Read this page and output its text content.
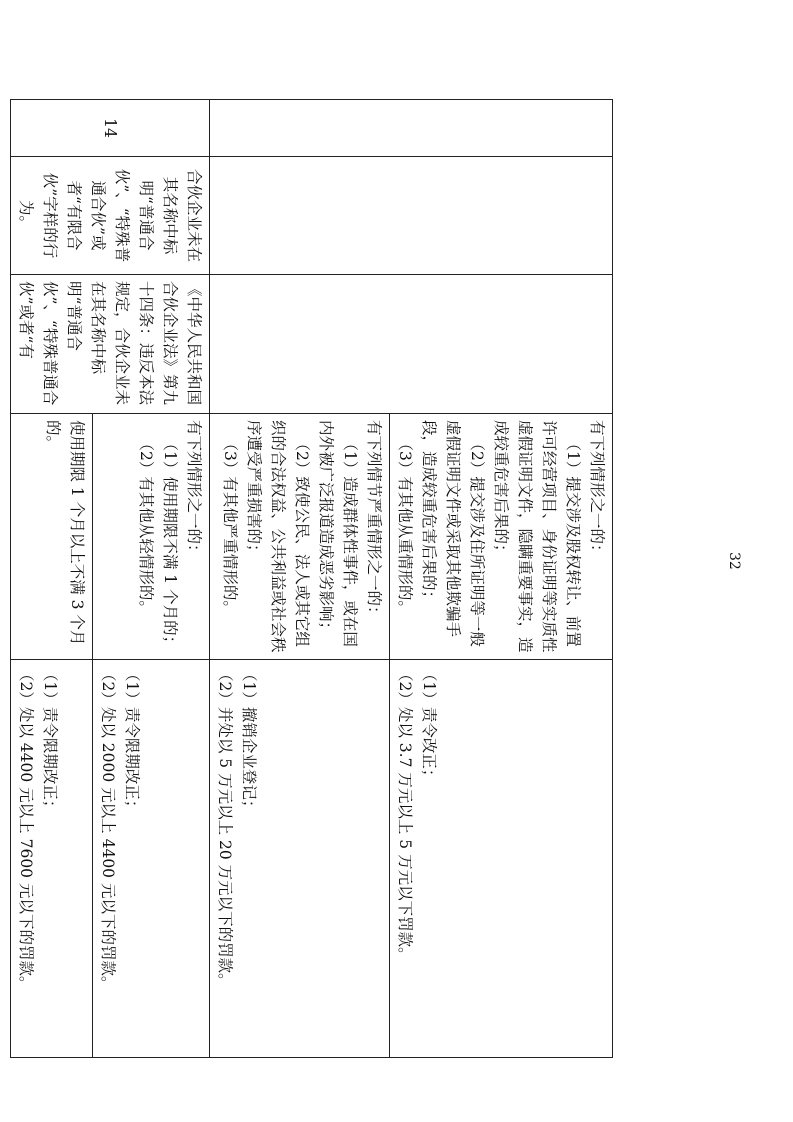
			有下列情形之一的：
（1）提交涉及股权转让、前置许可经营项目、身份证明等实质性虚假证明文件，隐瞒重要事实，造成较重危害后果的；
（2）提交涉及住所证明等一般虚假证明文件或采取其他欺骗手段，造成较重危害后果的；
（3）有其他从重情形的。	（1）责令改正；
（2）处以 3.7 万元以上 5 万元以下罚款。

			有下列情节严重情形之一的：
（1）造成群体性事件，或在国内外被广泛报道造成恶劣影响；
（2）致使公民、法人或其它组织的合法权益、公共利益或社会秩序遭受严重损害的；
（3）有其他严重情形的。	（1）撤销企业登记；
（2）并处以 5 万元以上 20 万元以下的罚款。

14	合伙企业未在其名称中标明“普通合伙”、“特殊普通合伙”或者“有限合伙”字样的行为。	《中华人民共和国合伙企业法》第九十四条：违反本法规定，合伙企业未在其名称中标明“普通合伙”、“特殊普通合伙”或者“有	有下列情形之一的：
（1）使用期限不满 1 个月的；
（2）有其他从轻情形的。	（1）责令限期改正；
（2）处以 2000 元以上 4400 元以下的罚款。

			使用期限 1 个月以上不满 3 个月的。	（1）责令限期改正；
（2）处以 4400 元以上 7600 元以下的罚款。
32
